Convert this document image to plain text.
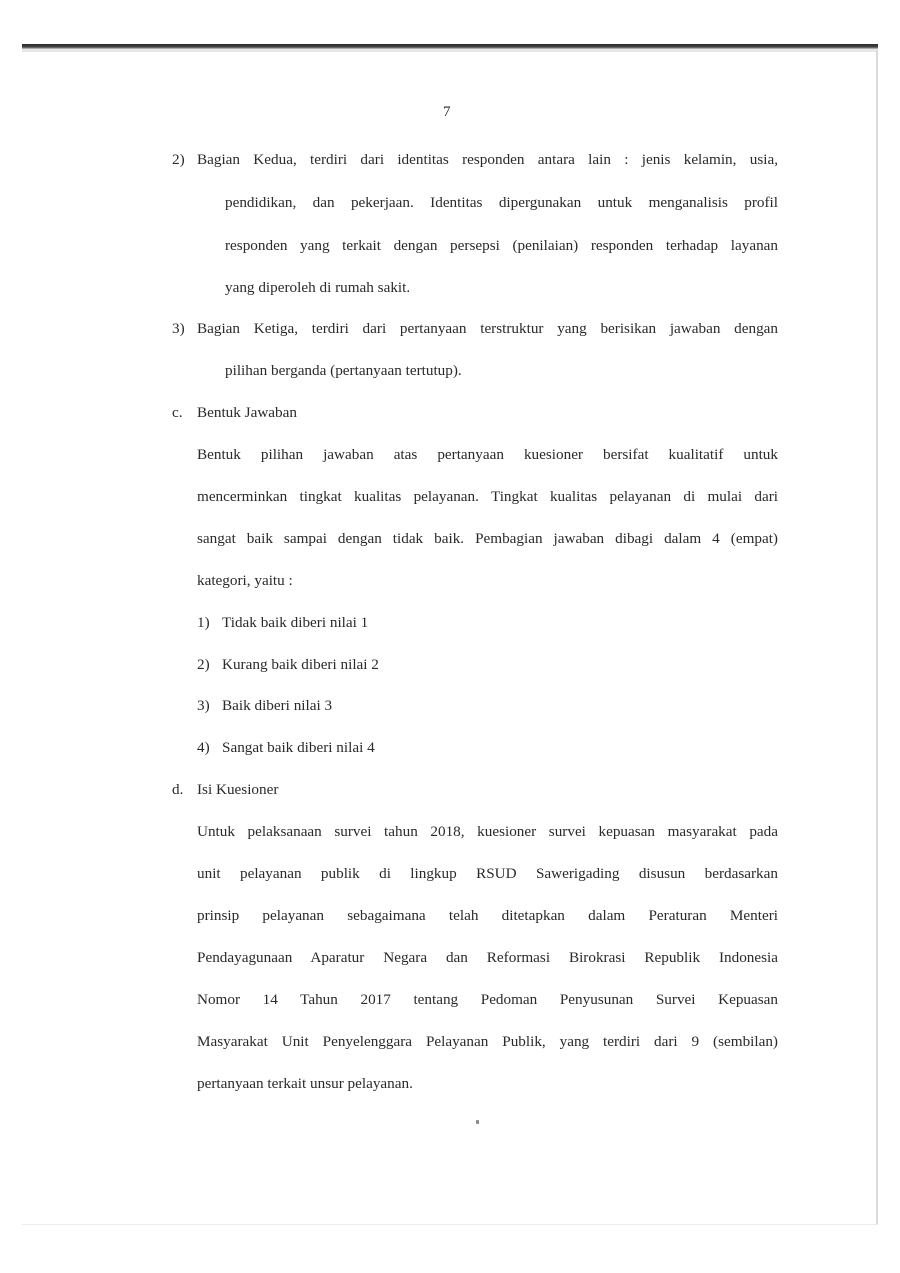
7
2) Bagian Kedua, terdiri dari identitas responden antara lain : jenis kelamin, usia,
pendidikan, dan pekerjaan. Identitas dipergunakan untuk menganalisis profil
responden yang terkait dengan persepsi (penilaian) responden terhadap layanan
yang diperoleh di rumah sakit.
3) Bagian Ketiga, terdiri dari pertanyaan terstruktur yang berisikan jawaban dengan
pilihan berganda (pertanyaan tertutup).
c. Bentuk Jawaban
Bentuk pilihan jawaban atas pertanyaan kuesioner bersifat kualitatif untuk
mencerminkan tingkat kualitas pelayanan. Tingkat kualitas pelayanan di mulai dari
sangat baik sampai dengan tidak baik. Pembagian jawaban dibagi dalam 4 (empat)
kategori, yaitu :
1) Tidak baik diberi nilai 1
2) Kurang baik diberi nilai 2
3) Baik diberi nilai 3
4) Sangat baik diberi nilai 4
d. Isi Kuesioner
Untuk pelaksanaan survei tahun 2018, kuesioner survei kepuasan masyarakat pada
unit pelayanan publik di lingkup RSUD Sawerigading disusun berdasarkan
prinsip pelayanan sebagaimana telah ditetapkan dalam Peraturan Menteri
Pendayagunaan Aparatur Negara dan Reformasi Birokrasi Republik Indonesia
Nomor 14 Tahun 2017 tentang Pedoman Penyusunan Survei Kepuasan
Masyarakat Unit Penyelenggara Pelayanan Publik, yang terdiri dari 9 (sembilan)
pertanyaan terkait unsur pelayanan.
